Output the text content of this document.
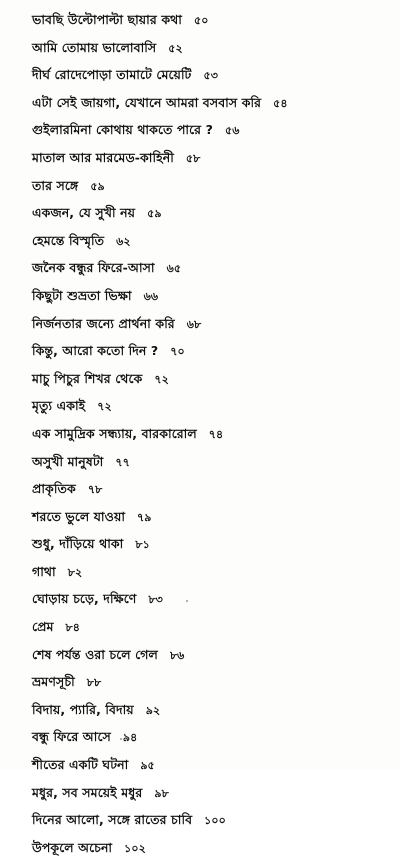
ভাবছি উল্টোপাল্টা ছায়ার কথা ৫০
আমি তোমায় ভালোবাসি ৫২
দীর্ঘ রোদেপোড়া তামাটে মেয়েটি ৫৩
এটা সেই জায়গা, যেখানে আমরা বসবাস করি ৫৪
গুইলারমিনা কোথায় থাকতে পারে ? ৫৬
মাতাল আর মারমেড-কাহিনী ৫৮
তার সঙ্গে ৫৯
একজন, যে সুখী নয় ৫৯
হেমন্তে বিস্মৃতি ৬২
জনৈক বন্ধুর ফিরে-আসা ৬৫
কিছুটা শুভ্রতা ভিক্ষা ৬৬
নির্জনতার জন্যে প্রার্থনা করি ৬৮
কিন্তু, আরো কতো দিন ? ৭০
মাচু পিচুর শিখর থেকে ৭২
মৃত্যু একাই ৭২
এক সামুদ্রিক সন্ধ্যায়, বারকারোল ৭৪
অসুখী মানুষটা ৭৭
প্রাকৃতিক ৭৮
শরতে ভুলে যাওয়া ৭৯
শুধু, দাঁড়িয়ে থাকা ৮১
গাথা ৮২
ঘোড়ায় চড়ে, দক্ষিণে ৮৩
প্রেম ৮৪
শেষ পর্যন্ত ওরা চলে গেল ৮৬
ভ্রমণসূচী ৮৮
বিদায়, প্যারি, বিদায় ৯২
বন্ধু ফিরে আসে ৯৪
শীতের একটি ঘটনা ৯৫
মধুর, সব সময়েই মধুর ৯৮
দিনের আলো, সঙ্গে রাতের চাবি ১০০
উপকূলে অচেনা ১০২
